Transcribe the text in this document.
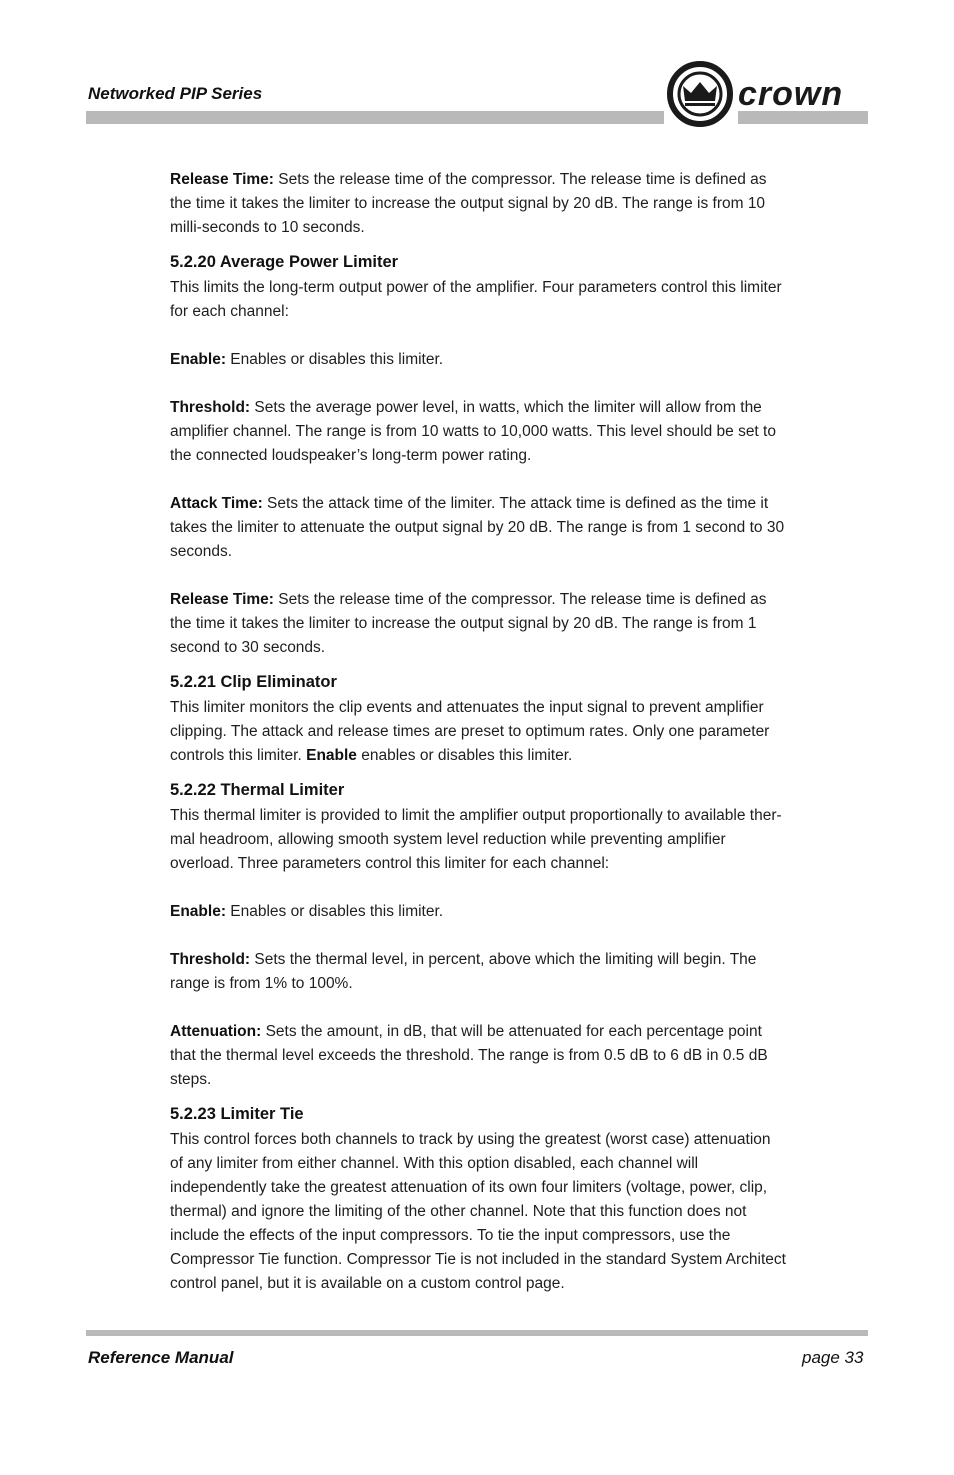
Networked PIP Series	crown

Release Time: Sets the release time of the compressor. The release time is defined as the time it takes the limiter to increase the output signal by 20 dB. The range is from 10 milli-seconds to 10 seconds.

5.2.20 Average Power Limiter

This limits the long-term output power of the amplifier. Four parameters control this limiter for each channel:

Enable: Enables or disables this limiter.

Threshold: Sets the average power level, in watts, which the limiter will allow from the amplifier channel. The range is from 10 watts to 10,000 watts. This level should be set to the connected loudspeaker’s long-term power rating.

Attack Time: Sets the attack time of the limiter. The attack time is defined as the time it takes the limiter to attenuate the output signal by 20 dB. The range is from 1 second to 30 seconds.

Release Time: Sets the release time of the compressor. The release time is defined as the time it takes the limiter to increase the output signal by 20 dB. The range is from 1 second to 30 seconds.

5.2.21 Clip Eliminator

This limiter monitors the clip events and attenuates the input signal to prevent amplifier clipping. The attack and release times are preset to optimum rates. Only one parameter controls this limiter. Enable enables or disables this limiter.

5.2.22 Thermal Limiter

This thermal limiter is provided to limit the amplifier output proportionally to available ther-mal headroom, allowing smooth system level reduction while preventing amplifier overload. Three parameters control this limiter for each channel:

Enable: Enables or disables this limiter.

Threshold: Sets the thermal level, in percent, above which the limiting will begin. The range is from 1% to 100%.

Attenuation: Sets the amount, in dB, that will be attenuated for each percentage point that the thermal level exceeds the threshold. The range is from 0.5 dB to 6 dB in 0.5 dB steps.

5.2.23 Limiter Tie

This control forces both channels to track by using the greatest (worst case) attenuation of any limiter from either channel. With this option disabled, each channel will independently take the greatest attenuation of its own four limiters (voltage, power, clip, thermal) and ignore the limiting of the other channel. Note that this function does not include the effects of the input compressors. To tie the input compressors, use the Compressor Tie function. Compressor Tie is not included in the standard System Architect control panel, but it is available on a custom control page.

Reference Manual	page 33
